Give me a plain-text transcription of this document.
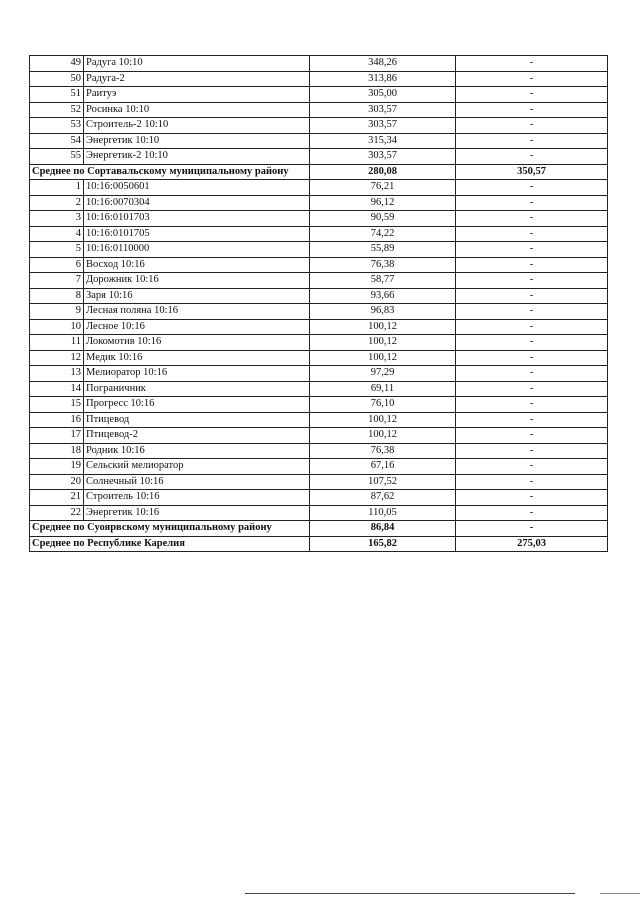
49	Радуга 10:10	348,26	-
50	Радуга-2	313,86	-
51	Раитуэ	305,00	-
52	Росинка 10:10	303,57	-
53	Строитель-2 10:10	303,57	-
54	Энергетик 10:10	315,34	-
55	Энергетик-2 10:10	303,57	-
Среднее по Сортавальскому муниципальному району		280,08	350,57
1	10:16:0050601	76,21	-
2	10:16:0070304	96,12	-
3	10:16:0101703	90,59	-
4	10:16:0101705	74,22	-
5	10:16:0110000	55,89	-
6	Восход 10:16	76,38	-
7	Дорожник 10:16	58,77	-
8	Заря 10:16	93,66	-
9	Лесная поляна 10:16	96,83	-
10	Лесное 10:16	100,12	-
11	Локомотив 10:16	100,12	-
12	Медик 10:16	100,12	-
13	Мелиоратор 10:16	97,29	-
14	Пограничник	69,11	-
15	Прогресс 10:16	76,10	-
16	Птицевод	100,12	-
17	Птицевод-2	100,12	-
18	Родник 10:16	76,38	-
19	Сельский мелиоратор	67,16	-
20	Солнечный 10:16	107,52	-
21	Строитель 10:16	87,62	-
22	Энергетик 10:16	110,05	-
Среднее по Суоярвскому муниципальному району		86,84	-
Среднее по Республике Карелия		165,82	275,03
